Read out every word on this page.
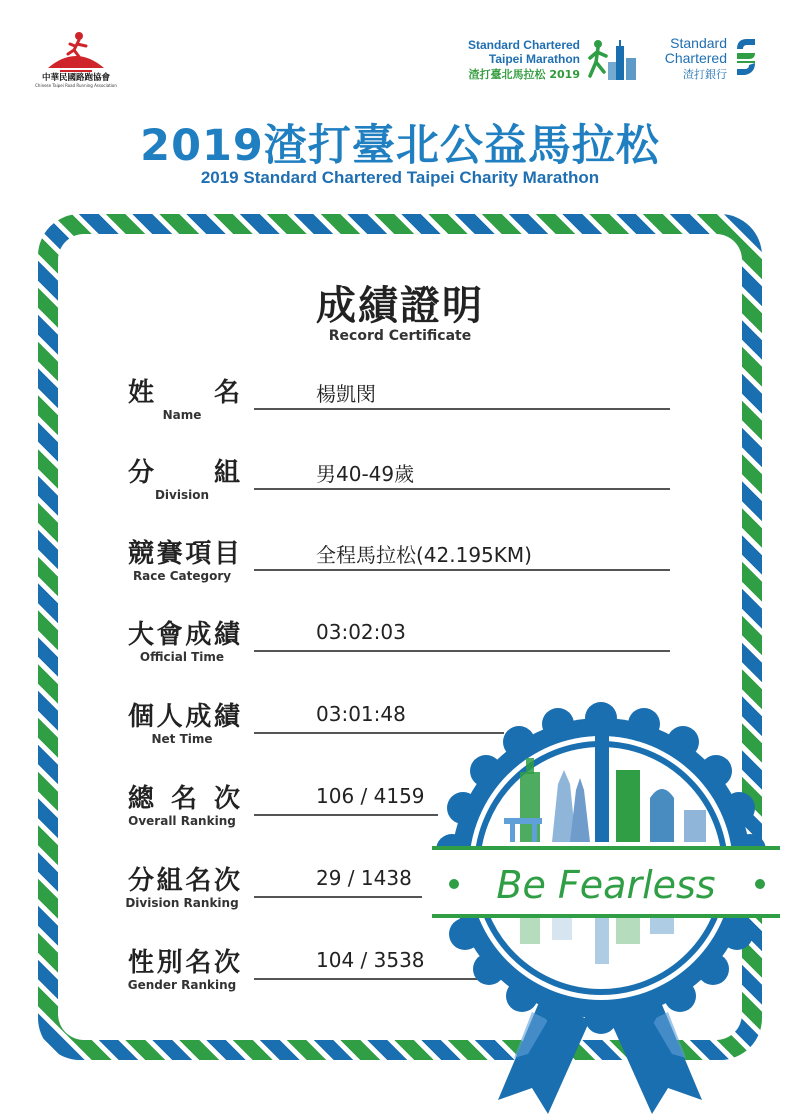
中華民國路跑協會
Chinese Taipei Road Running Association
Standard Chartered
Taipei Marathon
渣打臺北馬拉松 2019
Standard
Chartered
渣打銀行
2019渣打臺北公益馬拉松
2019 Standard Chartered Taipei Charity Marathon
成績證明
Record Certificate
姓 名
Name
楊凱閔
分 組
Division
男40-49歲
競 賽 項 目
Race Category
全程馬拉松(42.195KM)
大 會 成 績
Official Time
03:02:03
個 人 成 績
Net Time
03:01:48
總 名 次
Overall Ranking
106 / 4159
分 組 名 次
Division Ranking
29 / 1438
性 別 名 次
Gender Ranking
104 / 3538
Be Fearless
